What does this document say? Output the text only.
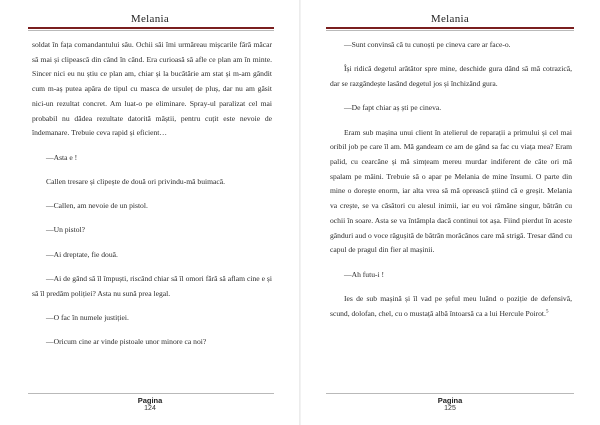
Melania

soldat în fața comandantului său. Ochii săi îmi urmăreau mișcarile fără măcar să mai și clipească din când în când. Era curioasă să afle ce plan am în minte. Sincer nici eu nu știu ce plan am, chiar și la bucătărie am stat și m-am gândit cum m-aș putea apăra de tipul cu masca de ursuleț de pluș, dar nu am găsit nici-un rezultat concret. Am luat-o pe eliminare. Spray-ul paralizat cel mai probabil nu dădea rezultate datorită măștii, pentru cuțit este nevoie de îndemanare. Trebuie ceva rapid și eficient…

—Asta e !

Callen tresare și clipește de două ori privindu-mă buimacă.

—Callen, am nevoie de un pistol.

—Un pistol?

—Ai dreptate, fie două.

—Ai de gând să îl împuști, riscând chiar să îl omori fără să aflam cine e și să îl predăm poliției? Asta nu sună prea legal.

—O fac în numele justiției.

—Oricum cine ar vinde pistoale unor minore ca noi?

Pagina
124
Melania

—Sunt convinsă că tu cunoști pe cineva care ar face-o.

Își ridică degetul arătător spre mine, deschide gura dând să mă cotrazică, dar se razgândește lasând degetul jos și închizând gura.

—De fapt chiar aș ști pe cineva.

Eram sub mașina unui client în atelierul de reparații a primului și cel mai oribil job pe care îl am. Mă gandeam ce am de gând sa fac cu viața mea? Eram palid, cu cearcăne și mă simțeam mereu murdar indiferent de câte ori mă spalam pe mâini. Trebuie să o apar pe Melania de mine însumi. O parte din mine o dorește enorm, iar alta vrea să mă oprească știind că e greșit. Melania va crește, se va căsători cu alesul inimii, iar eu voi rămâne singur, bătrân cu ochii în soare. Asta se va întâmpla dacă continui tot așa. Fiind pierdut în aceste gânduri aud o voce răgușită de bătrân morăcănos care mă strigă. Tresar dând cu capul de pragul din fier al mașinii.

—Ah futu-i !

Ies de sub mașină și îl vad pe șeful meu luând o poziție de defensivă, scund, dolofan, chel, cu o mustață albă întoarsă ca a lui Hercule Poirot.$^5$

Pagina
125
